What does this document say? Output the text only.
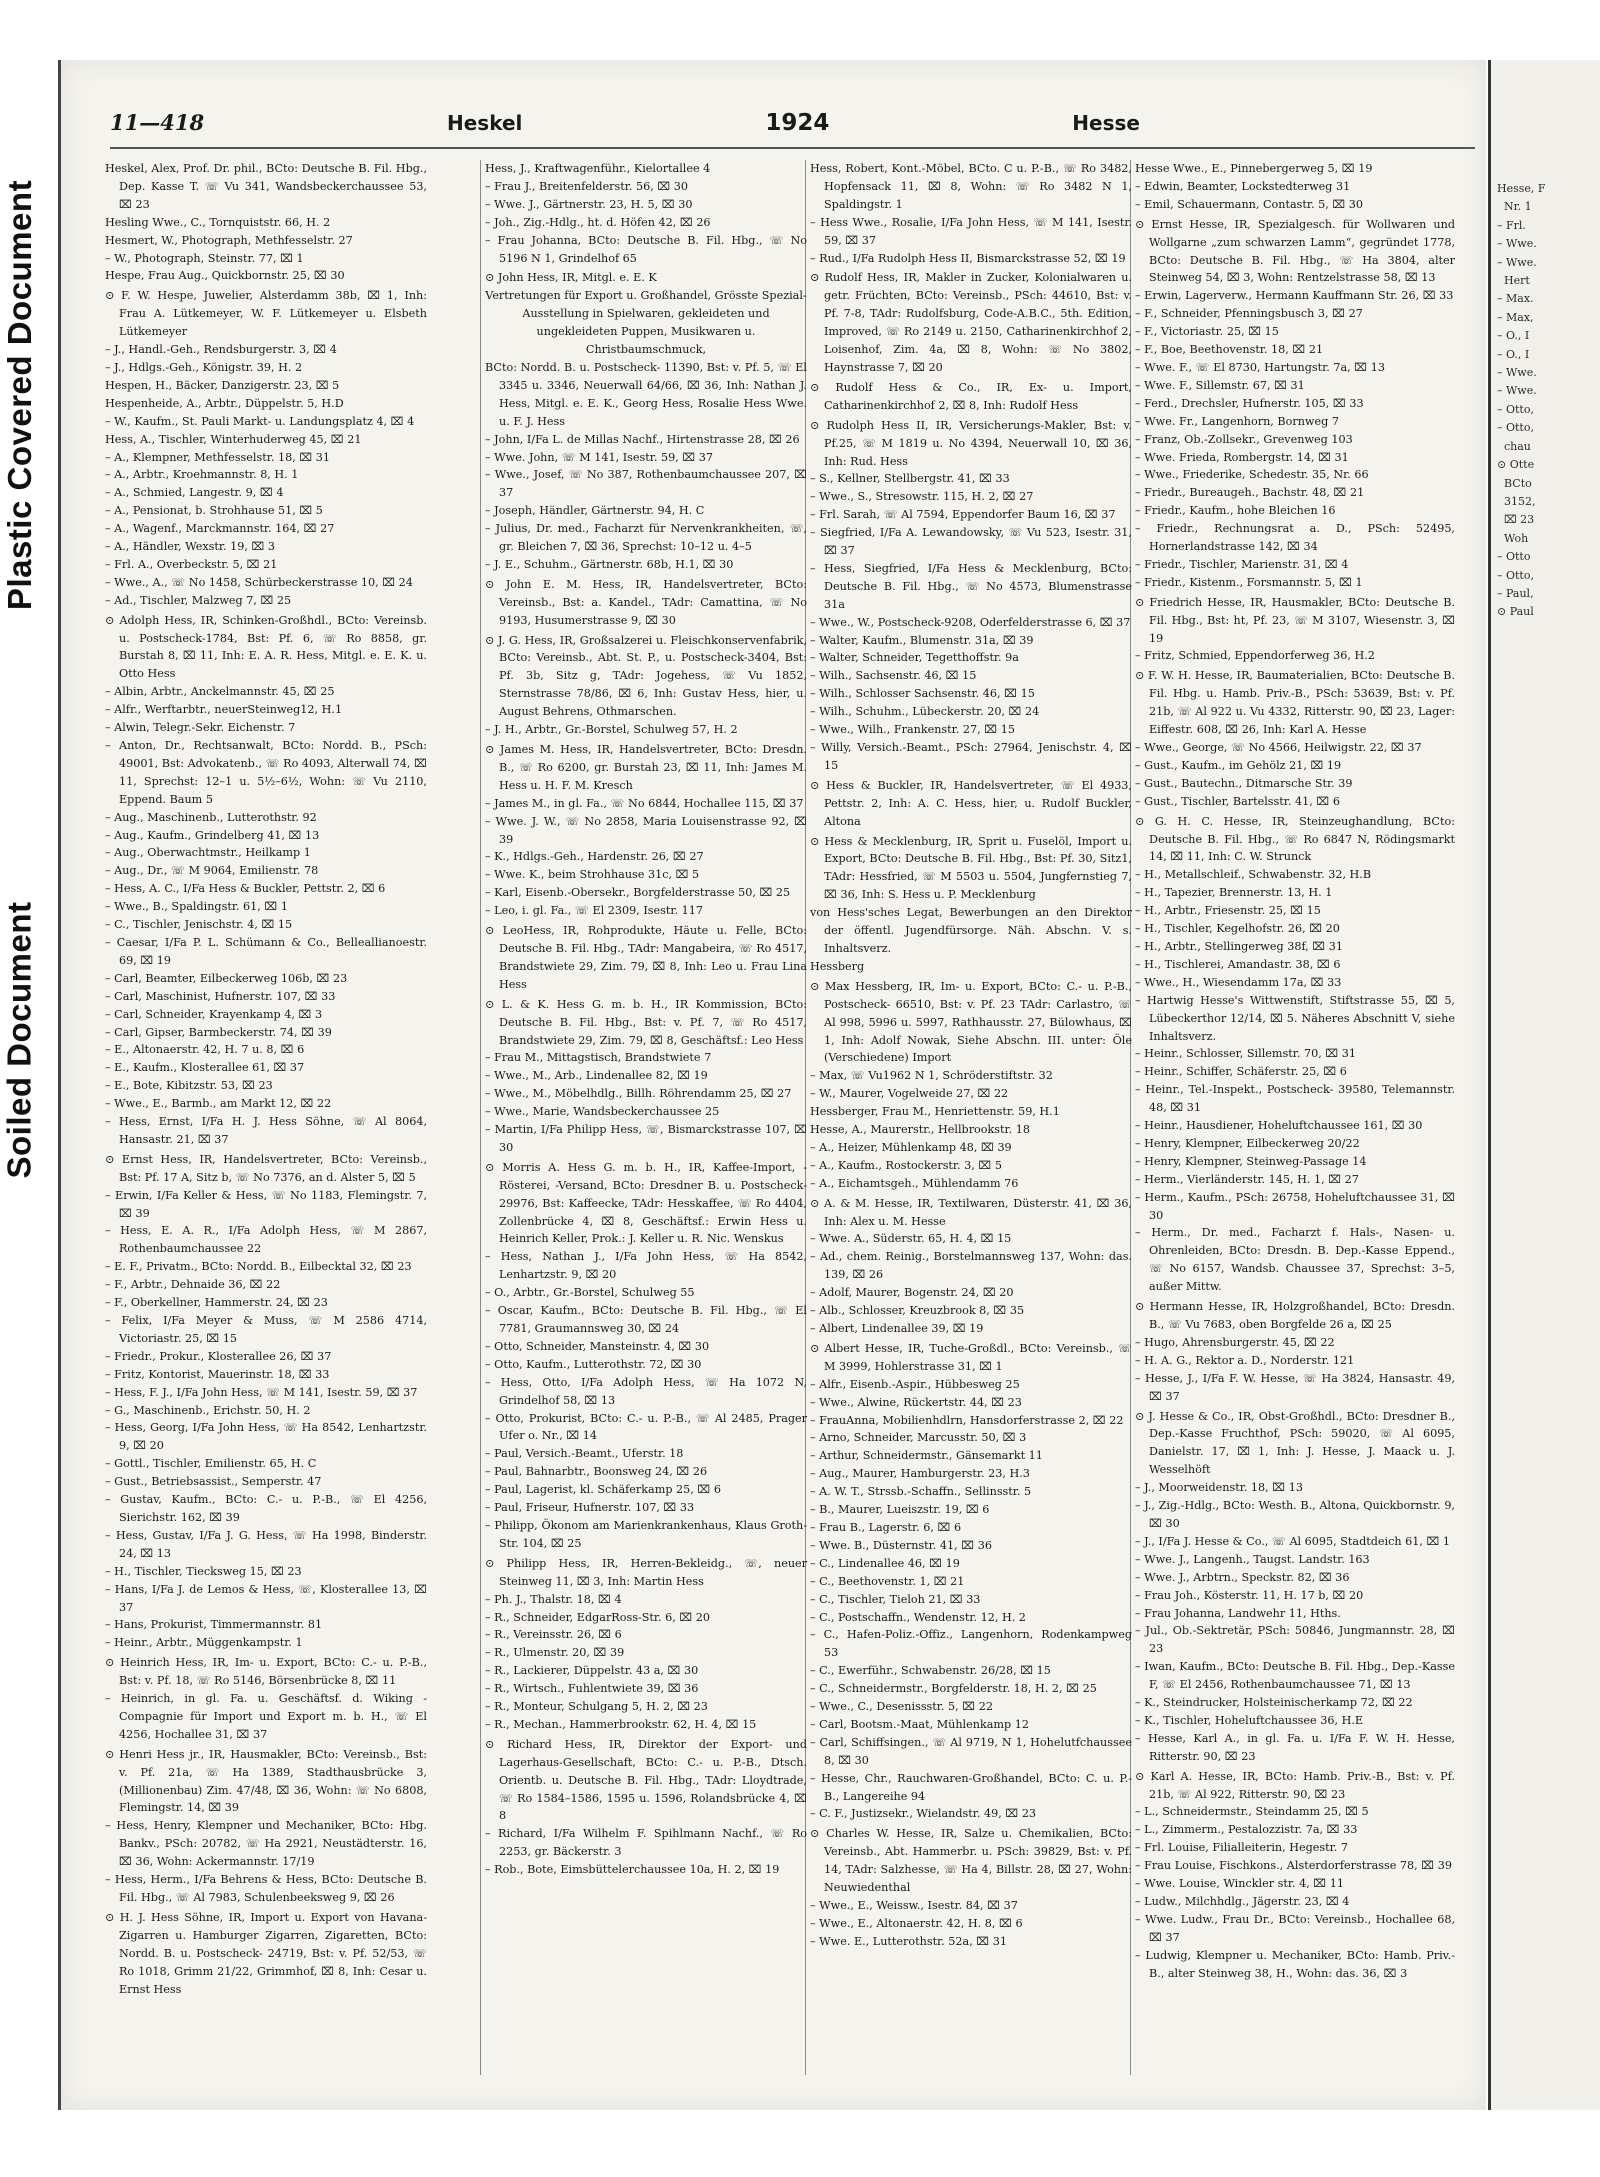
Plastic Covered Document
Soiled Document
Hesse, F
Nr. 1
– Frl.
– Wwe.
– Wwe.
Hert
– Max.
– Max,
– O., I
– O., I
– Wwe.
– Wwe.
– Otto,
– Otto,
chau
⊙ Otte
BCto
3152,
⌧ 23
Woh
– Otto
– Otto,
– Paul,
⊙ Paul
11—418	Heskel	1924	Hesse

Heskel, Alex, Prof. Dr. phil., BCto: Deutsche B. Fil. Hbg., Dep. Kasse T. ☏ Vu 341, Wandsbeckerchaussee 53, ⌧ 23

Hesling Wwe., C., Tornquiststr. 66, H. 2

Hesmert, W., Photograph, Methfesselstr. 27

– W., Photograph, Steinstr. 77, ⌧ 1

Hespe, Frau Aug., Quickbornstr. 25, ⌧ 30

⊙ F. W. Hespe, Juwelier, Alsterdamm 38b, ⌧ 1, Inh: Frau A. Lütkemeyer, W. F. Lütkemeyer u. Elsbeth Lütkemeyer

– J., Handl.-Geh., Rendsburgerstr. 3, ⌧ 4

– J., Hdlgs.-Geh., Königstr. 39, H. 2

Hespen, H., Bäcker, Danzigerstr. 23, ⌧ 5

Hespenheide, A., Arbtr., Düppelstr. 5, H.D

– W., Kaufm., St. Pauli Markt- u. Landungsplatz 4, ⌧ 4

Hess, A., Tischler, Winterhuderweg 45, ⌧ 21

– A., Klempner, Methfesselstr. 18, ⌧ 31

– A., Arbtr., Kroehmannstr. 8, H. 1

– A., Schmied, Langestr. 9, ⌧ 4

– A., Pensionat, b. Strohhause 51, ⌧ 5

– A., Wagenf., Marckmannstr. 164, ⌧ 27

– A., Händler, Wexstr. 19, ⌧ 3

– Frl. A., Overbeckstr. 5, ⌧ 21

– Wwe., A., ☏ No 1458, Schürbeckerstrasse 10, ⌧ 24

– Ad., Tischler, Malzweg 7, ⌧ 25

⊙ Adolph Hess, IR, Schinken-Großhdl., BCto: Vereinsb. u. Postscheck-1784, Bst: Pf. 6, ☏ Ro 8858, gr. Burstah 8, ⌧ 11, Inh: E. A. R. Hess, Mitgl. e. E. K. u. Otto Hess

– Albin, Arbtr., Anckelmannstr. 45, ⌧ 25

– Alfr., Werftarbtr., neuerSteinweg12, H.1

– Alwin, Telegr.-Sekr. Eichenstr. 7

– Anton, Dr., Rechtsanwalt, BCto: Nordd. B., PSch: 49001, Bst: Advokatenb., ☏ Ro 4093, Alterwall 74, ⌧ 11, Sprechst: 12–1 u. 5½–6½, Wohn: ☏ Vu 2110, Eppend. Baum 5

– Aug., Maschinenb., Lutterothstr. 92

– Aug., Kaufm., Grindelberg 41, ⌧ 13

– Aug., Oberwachtmstr., Heilkamp 1

– Aug., Dr., ☏ M 9064, Emilienstr. 78

– Hess, A. C., I/Fa Hess & Buckler, Pettstr. 2, ⌧ 6

– Wwe., B., Spaldingstr. 61, ⌧ 1

– C., Tischler, Jenischstr. 4, ⌧ 15

– Caesar, I/Fa P. L. Schümann & Co., Belleallianoestr. 69, ⌧ 19

– Carl, Beamter, Eilbeckerweg 106b, ⌧ 23

– Carl, Maschinist, Hufnerstr. 107, ⌧ 33

– Carl, Schneider, Krayenkamp 4, ⌧ 3

– Carl, Gipser, Barmbeckerstr. 74, ⌧ 39

– E., Altonaerstr. 42, H. 7 u. 8, ⌧ 6

– E., Kaufm., Klosterallee 61, ⌧ 37

– E., Bote, Kibitzstr. 53, ⌧ 23

– Wwe., E., Barmb., am Markt 12, ⌧ 22

– Hess, Ernst, I/Fa H. J. Hess Söhne, ☏ Al 8064, Hansastr. 21, ⌧ 37

⊙ Ernst Hess, IR, Handelsvertreter, BCto: Vereinsb., Bst: Pf. 17 A, Sitz b, ☏ No 7376, an d. Alster 5, ⌧ 5

– Erwin, I/Fa Keller & Hess, ☏ No 1183, Flemingstr. 7, ⌧ 39

– Hess, E. A. R., I/Fa Adolph Hess, ☏ M 2867, Rothenbaumchaussee 22

– E. F., Privatm., BCto: Nordd. B., Eilbecktal 32, ⌧ 23

– F., Arbtr., Dehnaide 36, ⌧ 22

– F., Oberkellner, Hammerstr. 24, ⌧ 23

– Felix, I/Fa Meyer & Muss, ☏ M 2586 4714, Victoriastr. 25, ⌧ 15

– Friedr., Prokur., Klosterallee 26, ⌧ 37

– Fritz, Kontorist, Mauerinstr. 18, ⌧ 33

– Hess, F. J., I/Fa John Hess, ☏ M 141, Isestr. 59, ⌧ 37

– G., Maschinenb., Erichstr. 50, H. 2

– Hess, Georg, I/Fa John Hess, ☏ Ha 8542, Lenhartzstr. 9, ⌧ 20

– Gottl., Tischler, Emilienstr. 65, H. C

– Gust., Betriebsassist., Semperstr. 47

– Gustav, Kaufm., BCto: C.- u. P.-B., ☏ El 4256, Sierichstr. 162, ⌧ 39

– Hess, Gustav, I/Fa J. G. Hess, ☏ Ha 1998, Binderstr. 24, ⌧ 13

– H., Tischler, Tiecksweg 15, ⌧ 23

– Hans, I/Fa J. de Lemos & Hess, ☏, Klosterallee 13, ⌧ 37

– Hans, Prokurist, Timmermannstr. 81

– Heinr., Arbtr., Müggenkampstr. 1

⊙ Heinrich Hess, IR, Im- u. Export, BCto: C.- u. P.-B., Bst: v. Pf. 18, ☏ Ro 5146, Börsenbrücke 8, ⌧ 11

– Heinrich, in gl. Fa. u. Geschäftsf. d. Wiking - Compagnie für Import und Export m. b. H., ☏ El 4256, Hochallee 31, ⌧ 37

⊙ Henri Hess jr., IR, Hausmakler, BCto: Vereinsb., Bst: v. Pf. 21a, ☏ Ha 1389, Stadthausbrücke 3, (Millionenbau) Zim. 47/48, ⌧ 36, Wohn: ☏ No 6808, Flemingstr. 14, ⌧ 39

– Hess, Henry, Klempner und Mechaniker, BCto: Hbg. Bankv., PSch: 20782, ☏ Ha 2921, Neustädterstr. 16, ⌧ 36, Wohn: Ackermannstr. 17/19

– Hess, Herm., I/Fa Behrens & Hess, BCto: Deutsche B. Fil. Hbg., ☏ Al 7983, Schulenbeeksweg 9, ⌧ 26

⊙ H. J. Hess Söhne, IR, Import u. Export von Havana-Zigarren u. Hamburger Zigarren, Zigaretten, BCto: Nordd. B. u. Postscheck- 24719, Bst: v. Pf. 52/53, ☏ Ro 1018, Grimm 21/22, Grimmhof, ⌧ 8, Inh: Cesar u. Ernst Hess

Hess, J., Kraftwagenführ., Kielortallee 4

– Frau J., Breitenfelderstr. 56, ⌧ 30

– Wwe. J., Gärtnerstr. 23, H. 5, ⌧ 30

– Joh., Zig.-Hdlg., ht. d. Höfen 42, ⌧ 26

– Frau Johanna, BCto: Deutsche B. Fil. Hbg., ☏ No 5196 N 1, Grindelhof 65

⊙ John Hess, IR, Mitgl. e. E. K

Vertretungen für Export u. Großhandel, Grösste Spezial-Ausstellung in Spielwaren, gekleideten und ungekleideten Puppen, Musikwaren u. Christbaumschmuck,

BCto: Nordd. B. u. Postscheck- 11390, Bst: v. Pf. 5, ☏ El 3345 u. 3346, Neuerwall 64/66, ⌧ 36, Inh: Nathan J. Hess, Mitgl. e. E. K., Georg Hess, Rosalie Hess Wwe. u. F. J. Hess

– John, I/Fa L. de Millas Nachf., Hirtenstrasse 28, ⌧ 26

– Wwe. John, ☏ M 141, Isestr. 59, ⌧ 37

– Wwe., Josef, ☏ No 387, Rothenbaumchaussee 207, ⌧ 37

– Joseph, Händler, Gärtnerstr. 94, H. C

– Julius, Dr. med., Facharzt für Nervenkrankheiten, ☏, gr. Bleichen 7, ⌧ 36, Sprechst: 10–12 u. 4–5

– J. E., Schuhm., Gärtnerstr. 68b, H.1, ⌧ 30

⊙ John E. M. Hess, IR, Handelsvertreter, BCto: Vereinsb., Bst: a. Kandel., TAdr: Camattina, ☏ No 9193, Husumerstrasse 9, ⌧ 30

⊙ J. G. Hess, IR, Großsalzerei u. Fleischkonservenfabrik, BCto: Vereinsb., Abt. St. P., u. Postscheck-3404, Bst: Pf. 3b, Sitz g, TAdr: Jogehess, ☏ Vu 1852, Sternstrasse 78/86, ⌧ 6, Inh: Gustav Hess, hier, u. August Behrens, Othmarschen.

– J. H., Arbtr., Gr.-Borstel, Schulweg 57, H. 2

⊙ James M. Hess, IR, Handelsvertreter, BCto: Dresdn. B., ☏ Ro 6200, gr. Burstah 23, ⌧ 11, Inh: James M. Hess u. H. F. M. Kresch

– James M., in gl. Fa., ☏ No 6844, Hochallee 115, ⌧ 37

– Wwe. J. W., ☏ No 2858, Maria Louisenstrasse 92, ⌧ 39

– K., Hdlgs.-Geh., Hardenstr. 26, ⌧ 27

– Wwe. K., beim Strohhause 31c, ⌧ 5

– Karl, Eisenb.-Obersekr., Borgfelderstrasse 50, ⌧ 25

– Leo, i. gl. Fa., ☏ El 2309, Isestr. 117

⊙ LeoHess, IR, Rohprodukte, Häute u. Felle, BCto: Deutsche B. Fil. Hbg., TAdr: Mangabeira, ☏ Ro 4517, Brandstwiete 29, Zim. 79, ⌧ 8, Inh: Leo u. Frau Lina Hess

⊙ L. & K. Hess G. m. b. H., IR Kommission, BCto: Deutsche B. Fil. Hbg., Bst: v. Pf. 7, ☏ Ro 4517, Brandstwiete 29, Zim. 79, ⌧ 8, Geschäftsf.: Leo Hess

– Frau M., Mittagstisch, Brandstwiete 7

– Wwe., M., Arb., Lindenallee 82, ⌧ 19

– Wwe., M., Möbelhdlg., Billh. Röhrendamm 25, ⌧ 27

– Wwe., Marie, Wandsbeckerchaussee 25

– Martin, I/Fa Philipp Hess, ☏, Bismarckstrasse 107, ⌧ 30

⊙ Morris A. Hess G. m. b. H., IR, Kaffee-Import, -Rösterei, -Versand, BCto: Dresdner B. u. Postscheck- 29976, Bst: Kaffeecke, TAdr: Hesskaffee, ☏ Ro 4404, Zollenbrücke 4, ⌧ 8, Geschäftsf.: Erwin Hess u. Heinrich Keller, Prok.: J. Keller u. R. Nic. Wenskus

– Hess, Nathan J., I/Fa John Hess, ☏ Ha 8542, Lenhartzstr. 9, ⌧ 20

– O., Arbtr., Gr.-Borstel, Schulweg 55

– Oscar, Kaufm., BCto: Deutsche B. Fil. Hbg., ☏ El 7781, Graumannsweg 30, ⌧ 24

– Otto, Schneider, Mansteinstr. 4, ⌧ 30

– Otto, Kaufm., Lutterothstr. 72, ⌧ 30

– Hess, Otto, I/Fa Adolph Hess, ☏ Ha 1072 N, Grindelhof 58, ⌧ 13

– Otto, Prokurist, BCto: C.- u. P.-B., ☏ Al 2485, Prager Ufer o. Nr., ⌧ 14

– Paul, Versich.-Beamt., Uferstr. 18

– Paul, Bahnarbtr., Boonsweg 24, ⌧ 26

– Paul, Lagerist, kl. Schäferkamp 25, ⌧ 6

– Paul, Friseur, Hufnerstr. 107, ⌧ 33

– Philipp, Ökonom am Marienkrankenhaus, Klaus Groth-Str. 104, ⌧ 25

⊙ Philipp Hess, IR, Herren-Bekleidg., ☏, neuer Steinweg 11, ⌧ 3, Inh: Martin Hess

– Ph. J., Thalstr. 18, ⌧ 4

– R., Schneider, EdgarRoss-Str. 6, ⌧ 20

– R., Vereinsstr. 26, ⌧ 6

– R., Ulmenstr. 20, ⌧ 39

– R., Lackierer, Düppelstr. 43 a, ⌧ 30

– R., Wirtsch., Fuhlentwiete 39, ⌧ 36

– R., Monteur, Schulgang 5, H. 2, ⌧ 23

– R., Mechan., Hammerbrookstr. 62, H. 4, ⌧ 15

⊙ Richard Hess, IR, Direktor der Export- und Lagerhaus-Gesellschaft, BCto: C.- u. P.-B., Dtsch. Orientb. u. Deutsche B. Fil. Hbg., TAdr: Lloydtrade, ☏ Ro 1584–1586, 1595 u. 1596, Rolandsbrücke 4, ⌧ 8

– Richard, I/Fa Wilhelm F. Spihlmann Nachf., ☏ Ro 2253, gr. Bäckerstr. 3

– Rob., Bote, Eimsbüttelerchaussee 10a, H. 2, ⌧ 19

Hess, Robert, Kont.-Möbel, BCto. C u. P.-B., ☏ Ro 3482, Hopfensack 11, ⌧ 8, Wohn: ☏ Ro 3482 N 1, Spaldingstr. 1

– Hess Wwe., Rosalie, I/Fa John Hess, ☏ M 141, Isestr. 59, ⌧ 37

– Rud., I/Fa Rudolph Hess II, Bismarckstrasse 52, ⌧ 19

⊙ Rudolf Hess, IR, Makler in Zucker, Kolonialwaren u. getr. Früchten, BCto: Vereinsb., PSch: 44610, Bst: v. Pf. 7-8, TAdr: Rudolfsburg, Code-A.B.C., 5th. Edition, Improved, ☏ Ro 2149 u. 2150, Catharinenkirchhof 2, Loisenhof, Zim. 4a, ⌧ 8, Wohn: ☏ No 3802, Haynstrasse 7, ⌧ 20

⊙ Rudolf Hess & Co., IR, Ex- u. Import, Catharinenkirchhof 2, ⌧ 8, Inh: Rudolf Hess

⊙ Rudolph Hess II, IR, Versicherungs-Makler, Bst: v. Pf.25, ☏ M 1819 u. No 4394, Neuerwall 10, ⌧ 36, Inh: Rud. Hess

– S., Kellner, Stellbergstr. 41, ⌧ 33

– Wwe., S., Stresowstr. 115, H. 2, ⌧ 27

– Frl. Sarah, ☏ Al 7594, Eppendorfer Baum 16, ⌧ 37

– Siegfried, I/Fa A. Lewandowsky, ☏ Vu 523, Isestr. 31, ⌧ 37

– Hess, Siegfried, I/Fa Hess & Mecklenburg, BCto: Deutsche B. Fil. Hbg., ☏ No 4573, Blumenstrasse 31a

– Wwe., W., Postscheck-9208, Oderfelderstrasse 6, ⌧ 37

– Walter, Kaufm., Blumenstr. 31a, ⌧ 39

– Walter, Schneider, Tegetthoffstr. 9a

– Wilh., Sachsenstr. 46, ⌧ 15

– Wilh., Schlosser Sachsenstr. 46, ⌧ 15

– Wilh., Schuhm., Lübeckerstr. 20, ⌧ 24

– Wwe., Wilh., Frankenstr. 27, ⌧ 15

– Willy, Versich.-Beamt., PSch: 27964, Jenischstr. 4, ⌧ 15

⊙ Hess & Buckler, IR, Handelsvertreter, ☏ El 4933, Pettstr. 2, Inh: A. C. Hess, hier, u. Rudolf Buckler, Altona

⊙ Hess & Mecklenburg, IR, Sprit u. Fuselöl, Import u. Export, BCto: Deutsche B. Fil. Hbg., Bst: Pf. 30, Sitz1, TAdr: Hessfried, ☏ M 5503 u. 5504, Jungfernstieg 7, ⌧ 36, Inh: S. Hess u. P. Mecklenburg

von Hess'sches Legat, Bewerbungen an den Direktor der öffentl. Jugendfürsorge. Näh. Abschn. V. s. Inhaltsverz.

Hessberg

⊙ Max Hessberg, IR, Im- u. Export, BCto: C.- u. P.-B., Postscheck- 66510, Bst: v. Pf. 23 TAdr: Carlastro, ☏ Al 998, 5996 u. 5997, Rathhausstr. 27, Bülowhaus, ⌧ 1, Inh: Adolf Nowak, Siehe Abschn. III. unter: Öle (Verschiedene) Import

– Max, ☏ Vu1962 N 1, Schröderstiftstr. 32

– W., Maurer, Vogelweide 27, ⌧ 22

Hessberger, Frau M., Henriettenstr. 59, H.1

Hesse, A., Maurerstr., Hellbrookstr. 18

– A., Heizer, Mühlenkamp 48, ⌧ 39

– A., Kaufm., Rostockerstr. 3, ⌧ 5

– A., Eichamtsgeh., Mühlendamm 76

⊙ A. & M. Hesse, IR, Textilwaren, Düsterstr. 41, ⌧ 36, Inh: Alex u. M. Hesse

– Wwe. A., Süderstr. 65, H. 4, ⌧ 15

– Ad., chem. Reinig., Borstelmannsweg 137, Wohn: das. 139, ⌧ 26

– Adolf, Maurer, Bogenstr. 24, ⌧ 20

– Alb., Schlosser, Kreuzbrook 8, ⌧ 35

– Albert, Lindenallee 39, ⌧ 19

⊙ Albert Hesse, IR, Tuche-Großdl., BCto: Vereinsb., ☏ M 3999, Hohlerstrasse 31, ⌧ 1

– Alfr., Eisenb.-Aspir., Hübbesweg 25

– Wwe., Alwine, Rückertstr. 44, ⌧ 23

– FrauAnna, Mobilienhdlrn, Hansdorferstrasse 2, ⌧ 22

– Arno, Schneider, Marcusstr. 50, ⌧ 3

– Arthur, Schneidermstr., Gänsemarkt 11

– Aug., Maurer, Hamburgerstr. 23, H.3

– A. W. T., Strssb.-Schaffn., Sellinsstr. 5

– B., Maurer, Lueiszstr. 19, ⌧ 6

– Frau B., Lagerstr. 6, ⌧ 6

– Wwe. B., Düsternstr. 41, ⌧ 36

– C., Lindenallee 46, ⌧ 19

– C., Beethovenstr. 1, ⌧ 21

– C., Tischler, Tieloh 21, ⌧ 33

– C., Postschaffn., Wendenstr. 12, H. 2

– C., Hafen-Poliz.-Offiz., Langenhorn, Rodenkampweg 53

– C., Ewerführ., Schwabenstr. 26/28, ⌧ 15

– C., Schneidermstr., Borgfelderstr. 18, H. 2, ⌧ 25

– Wwe., C., Desenissstr. 5, ⌧ 22

– Carl, Bootsm.-Maat, Mühlenkamp 12

– Carl, Schiffsingen., ☏ Al 9719, N 1, Hohelutfchaussee 8, ⌧ 30

– Hesse, Chr., Rauchwaren-Großhandel, BCto: C. u. P.-B., Langereihe 94

– C. F., Justizsekr., Wielandstr. 49, ⌧ 23

⊙ Charles W. Hesse, IR, Salze u. Chemikalien, BCto: Vereinsb., Abt. Hammerbr. u. PSch: 39829, Bst: v. Pf. 14, TAdr: Salzhesse, ☏ Ha 4, Billstr. 28, ⌧ 27, Wohn: Neuwiedenthal

– Wwe., E., Weissw., Isestr. 84, ⌧ 37

– Wwe., E., Altonaerstr. 42, H. 8, ⌧ 6

– Wwe. E., Lutterothstr. 52a, ⌧ 31

Hesse Wwe., E., Pinnebergerweg 5, ⌧ 19

– Edwin, Beamter, Lockstedterweg 31

– Emil, Schauermann, Contastr. 5, ⌧ 30

⊙ Ernst Hesse, IR, Spezialgesch. für Wollwaren und Wollgarne „zum schwarzen Lamm“, gegründet 1778, BCto: Deutsche B. Fil. Hbg., ☏ Ha 3804, alter Steinweg 54, ⌧ 3, Wohn: Rentzelstrasse 58, ⌧ 13

– Erwin, Lagerverw., Hermann Kauffmann Str. 26, ⌧ 33

– F., Schneider, Pfenningsbusch 3, ⌧ 27

– F., Victoriastr. 25, ⌧ 15

– F., Boe, Beethovenstr. 18, ⌧ 21

– Wwe. F., ☏ El 8730, Hartungstr. 7a, ⌧ 13

– Wwe. F., Sillemstr. 67, ⌧ 31

– Ferd., Drechsler, Hufnerstr. 105, ⌧ 33

– Wwe. Fr., Langenhorn, Bornweg 7

– Franz, Ob.-Zollsekr., Grevenweg 103

– Wwe. Frieda, Rombergstr. 14, ⌧ 31

– Wwe., Friederike, Schedestr. 35, Nr. 66

– Friedr., Bureaugeh., Bachstr. 48, ⌧ 21

– Friedr., Kaufm., hohe Bleichen 16

– Friedr., Rechnungsrat a. D., PSch: 52495, Hornerlandstrasse 142, ⌧ 34

– Friedr., Tischler, Marienstr. 31, ⌧ 4

– Friedr., Kistenm., Forsmannstr. 5, ⌧ 1

⊙ Friedrich Hesse, IR, Hausmakler, BCto: Deutsche B. Fil. Hbg., Bst: ht, Pf. 23, ☏ M 3107, Wiesenstr. 3, ⌧ 19

– Fritz, Schmied, Eppendorferweg 36, H.2

⊙ F. W. H. Hesse, IR, Baumaterialien, BCto: Deutsche B. Fil. Hbg. u. Hamb. Priv.-B., PSch: 53639, Bst: v. Pf. 21b, ☏ Al 922 u. Vu 4332, Ritterstr. 90, ⌧ 23, Lager: Eiffestr. 608, ⌧ 26, Inh: Karl A. Hesse

– Wwe., George, ☏ No 4566, Heilwigstr. 22, ⌧ 37

– Gust., Kaufm., im Gehölz 21, ⌧ 19

– Gust., Bautechn., Ditmarsche Str. 39

– Gust., Tischler, Bartelsstr. 41, ⌧ 6

⊙ G. H. C. Hesse, IR, Steinzeughandlung, BCto: Deutsche B. Fil. Hbg., ☏ Ro 6847 N, Rödingsmarkt 14, ⌧ 11, Inh: C. W. Strunck

– H., Metallschleif., Schwabenstr. 32, H.B

– H., Tapezier, Brennerstr. 13, H. 1

– H., Arbtr., Friesenstr. 25, ⌧ 15

– H., Tischler, Kegelhofstr. 26, ⌧ 20

– H., Arbtr., Stellingerweg 38f, ⌧ 31

– H., Tischlerei, Amandastr. 38, ⌧ 6

– Wwe., H., Wiesendamm 17a, ⌧ 33

– Hartwig Hesse's Wittwenstift, Stiftstrasse 55, ⌧ 5, Lübeckerthor 12/14, ⌧ 5. Näheres Abschnitt V, siehe Inhaltsverz.

– Heinr., Schlosser, Sillemstr. 70, ⌧ 31

– Heinr., Schiffer, Schäferstr. 25, ⌧ 6

– Heinr., Tel.-Inspekt., Postscheck- 39580, Telemannstr. 48, ⌧ 31

– Heinr., Hausdiener, Hoheluftchaussee 161, ⌧ 30

– Henry, Klempner, Eilbeckerweg 20/22

– Henry, Klempner, Steinweg-Passage 14

– Herm., Vierländerstr. 145, H. 1, ⌧ 27

– Herm., Kaufm., PSch: 26758, Hoheluftchaussee 31, ⌧ 30

– Herm., Dr. med., Facharzt f. Hals-, Nasen- u. Ohrenleiden, BCto: Dresdn. B. Dep.-Kasse Eppend., ☏ No 6157, Wandsb. Chaussee 37, Sprechst: 3–5, außer Mittw.

⊙ Hermann Hesse, IR, Holzgroßhandel, BCto: Dresdn. B., ☏ Vu 7683, oben Borgfelde 26 a, ⌧ 25

– Hugo, Ahrensburgerstr. 45, ⌧ 22

– H. A. G., Rektor a. D., Norderstr. 121

– Hesse, J., I/Fa F. W. Hesse, ☏ Ha 3824, Hansastr. 49, ⌧ 37

⊙ J. Hesse & Co., IR, Obst-Großhdl., BCto: Dresdner B., Dep.-Kasse Fruchthof, PSch: 59020, ☏ Al 6095, Danielstr. 17, ⌧ 1, Inh: J. Hesse, J. Maack u. J. Wesselhöft

– J., Moorweidenstr. 18, ⌧ 13

– J., Zig.-Hdlg., BCto: Westh. B., Altona, Quickbornstr. 9, ⌧ 30

– J., I/Fa J. Hesse & Co., ☏ Al 6095, Stadtdeich 61, ⌧ 1

– Wwe. J., Langenh., Taugst. Landstr. 163

– Wwe. J., Arbtrn., Speckstr. 82, ⌧ 36

– Frau Joh., Kösterstr. 11, H. 17 b, ⌧ 20

– Frau Johanna, Landwehr 11, Hths.

– Jul., Ob.-Sektretär, PSch: 50846, Jungmannstr. 28, ⌧ 23

– Iwan, Kaufm., BCto: Deutsche B. Fil. Hbg., Dep.-Kasse F, ☏ El 2456, Rothenbaumchaussee 71, ⌧ 13

– K., Steindrucker, Holsteinischerkamp 72, ⌧ 22

– K., Tischler, Hoheluftchaussee 36, H.E

– Hesse, Karl A., in gl. Fa. u. I/Fa F. W. H. Hesse, Ritterstr. 90, ⌧ 23

⊙ Karl A. Hesse, IR, BCto: Hamb. Priv.-B., Bst: v. Pf. 21b, ☏ Al 922, Ritterstr. 90, ⌧ 23

– L., Schneidermstr., Steindamm 25, ⌧ 5

– L., Zimmerm., Pestalozzistr. 7a, ⌧ 33

– Frl. Louise, Filialleiterin, Hegestr. 7

– Frau Louise, Fischkons., Alsterdorferstrasse 78, ⌧ 39

– Wwe. Louise, Winckler str. 4, ⌧ 11

– Ludw., Milchhdlg., Jägerstr. 23, ⌧ 4

– Wwe. Ludw., Frau Dr., BCto: Vereinsb., Hochallee 68, ⌧ 37

– Ludwig, Klempner u. Mechaniker, BCto: Hamb. Priv.-B., alter Steinweg 38, H., Wohn: das. 36, ⌧ 3
